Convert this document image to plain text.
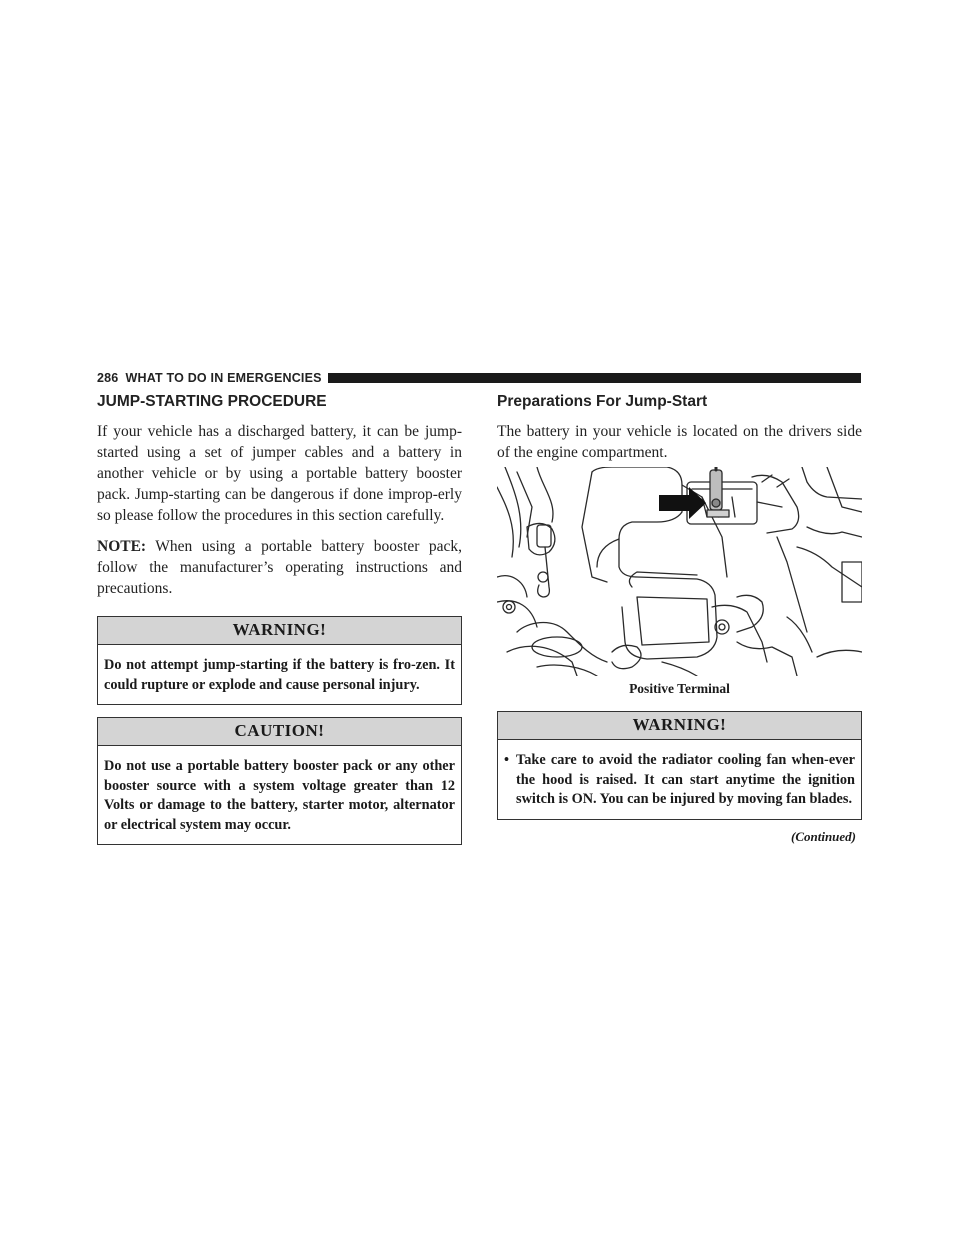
286 WHAT TO DO IN EMERGENCIES
JUMP-STARTING PROCEDURE

If your vehicle has a discharged battery, it can be jump-started using a set of jumper cables and a battery in another vehicle or by using a portable battery booster pack. Jump-starting can be dangerous if done improp-erly so please follow the procedures in this section carefully.

NOTE: When using a portable battery booster pack, follow the manufacturer’s operating instructions and precautions.

WARNING!
Do not attempt jump-starting if the battery is fro-zen. It could rupture or explode and cause personal injury.
CAUTION!
Do not use a portable battery booster pack or any other booster source with a system voltage greater than 12 Volts or damage to the battery, starter motor, alternator or electrical system may occur.
Preparations For Jump-Start

The battery in your vehicle is located on the drivers side of the engine compartment.

Positive Terminal
WARNING!
• Take care to avoid the radiator cooling fan when-ever the hood is raised. It can start anytime the ignition switch is ON. You can be injured by moving fan blades.
(Continued)
